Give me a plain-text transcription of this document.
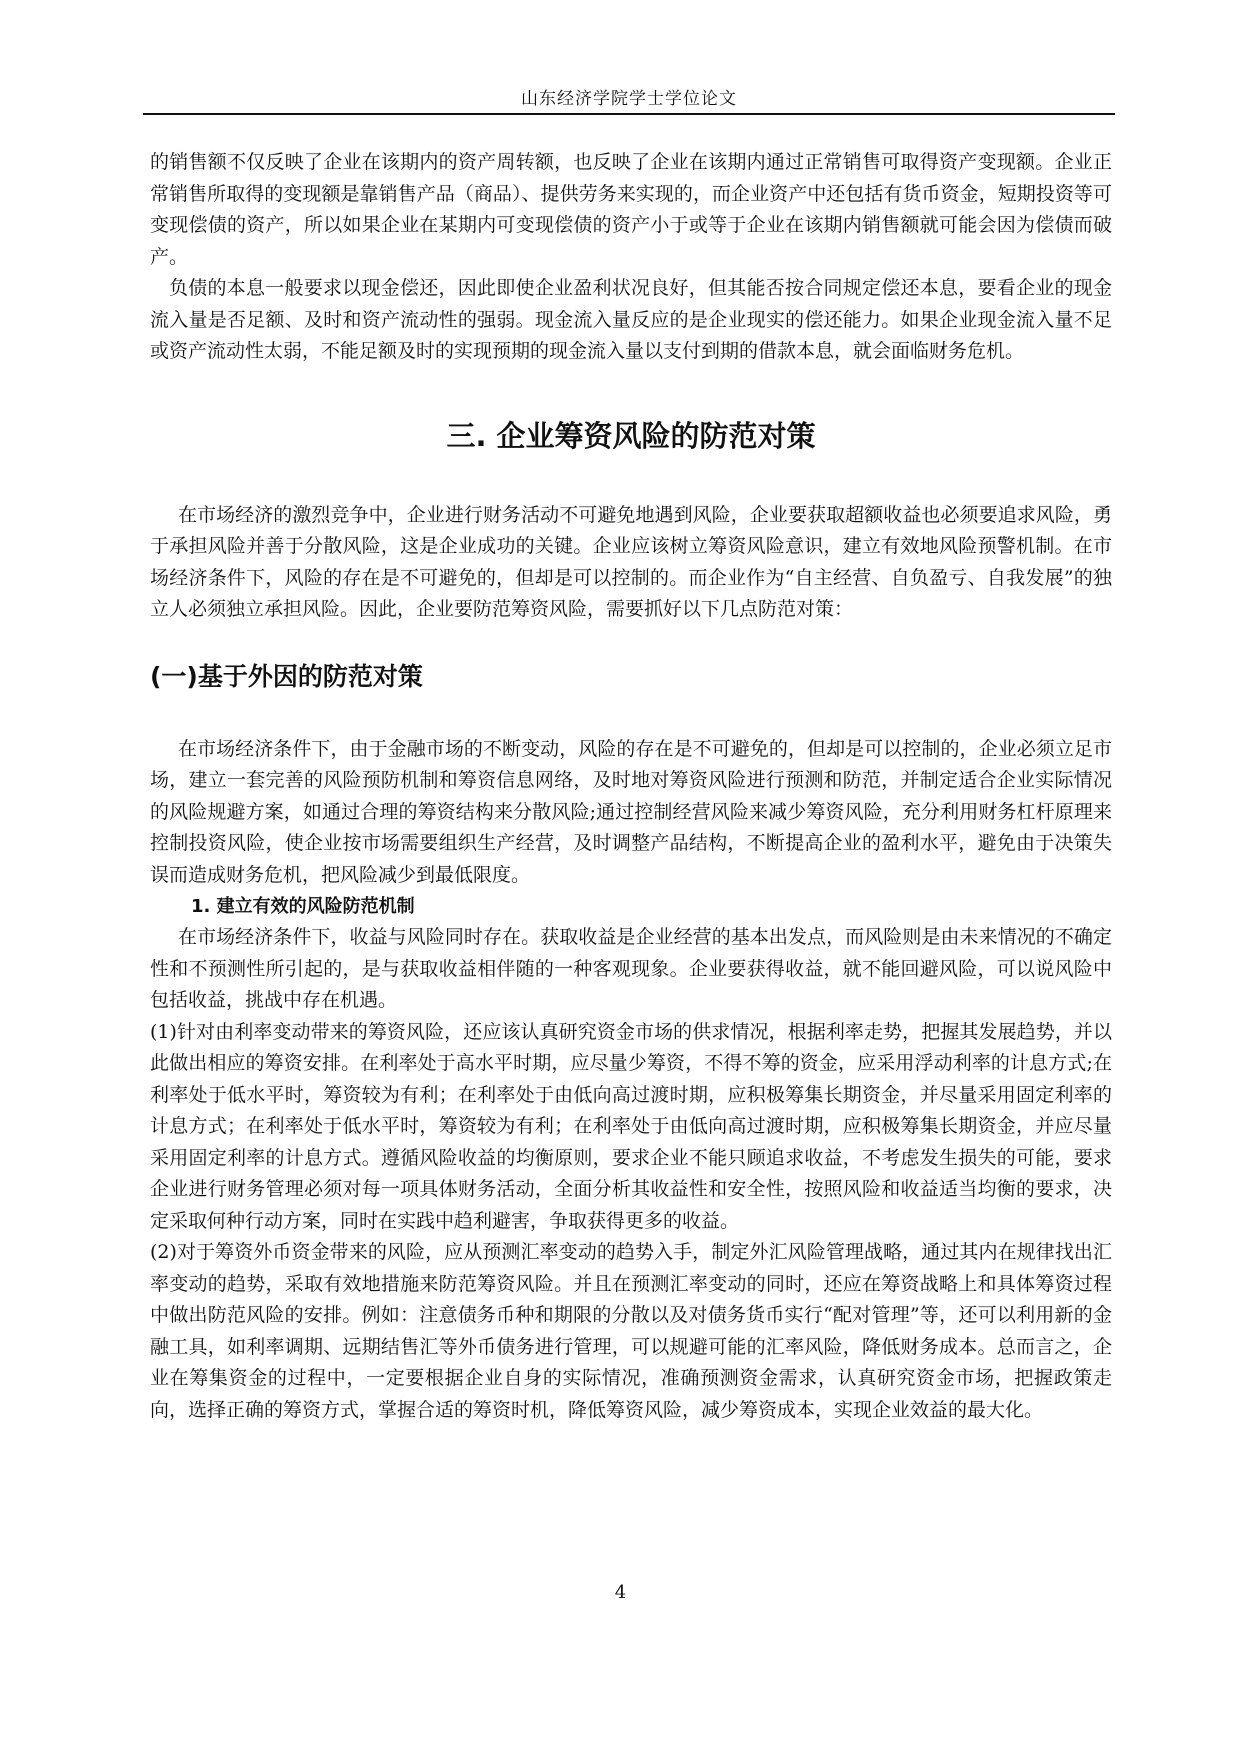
山东经济学院学士学位论文

的销售额不仅反映了企业在该期内的资产周转额，也反映了企业在该期内通过正常销售可取得资产变现额。企业正常销售所取得的变现额是靠销售产品（商品）、提供劳务来实现的，而企业资产中还包括有货币资金，短期投资等可变现偿债的资产，所以如果企业在某期内可变现偿债的资产小于或等于企业在该期内销售额就可能会因为偿债而破产。

负债的本息一般要求以现金偿还，因此即使企业盈利状况良好，但其能否按合同规定偿还本息，要看企业的现金流入量是否足额、及时和资产流动性的强弱。现金流入量反应的是企业现实的偿还能力。如果企业现金流入量不足或资产流动性太弱，不能足额及时的实现预期的现金流入量以支付到期的借款本息，就会面临财务危机。

三. 企业筹资风险的防范对策

在市场经济的激烈竞争中，企业进行财务活动不可避免地遇到风险，企业要获取超额收益也必须要追求风险，勇于承担风险并善于分散风险，这是企业成功的关键。企业应该树立筹资风险意识，建立有效地风险预警机制。在市场经济条件下，风险的存在是不可避免的，但却是可以控制的。而企业作为“自主经营、自负盈亏、自我发展”的独立人必须独立承担风险。因此，企业要防范筹资风险，需要抓好以下几点防范对策：

(一)基于外因的防范对策

在市场经济条件下，由于金融市场的不断变动，风险的存在是不可避免的，但却是可以控制的，企业必须立足市场，建立一套完善的风险预防机制和筹资信息网络，及时地对筹资风险进行预测和防范，并制定适合企业实际情况的风险规避方案，如通过合理的筹资结构来分散风险;通过控制经营风险来减少筹资风险，充分利用财务杠杆原理来控制投资风险，使企业按市场需要组织生产经营，及时调整产品结构，不断提高企业的盈利水平，避免由于决策失误而造成财务危机，把风险减少到最低限度。

1. 建立有效的风险防范机制

在市场经济条件下，收益与风险同时存在。获取收益是企业经营的基本出发点，而风险则是由未来情况的不确定性和不预测性所引起的，是与获取收益相伴随的一种客观现象。企业要获得收益，就不能回避风险，可以说风险中包括收益，挑战中存在机遇。

(1)针对由利率变动带来的筹资风险，还应该认真研究资金市场的供求情况，根据利率走势，把握其发展趋势，并以此做出相应的筹资安排。在利率处于高水平时期，应尽量少筹资，不得不筹的资金，应采用浮动利率的计息方式;在利率处于低水平时，筹资较为有利；在利率处于由低向高过渡时期，应积极筹集长期资金，并尽量采用固定利率的计息方式；在利率处于低水平时，筹资较为有利；在利率处于由低向高过渡时期，应积极筹集长期资金，并应尽量采用固定利率的计息方式。遵循风险收益的均衡原则，要求企业不能只顾追求收益，不考虑发生损失的可能，要求企业进行财务管理必须对每一项具体财务活动，全面分析其收益性和安全性，按照风险和收益适当均衡的要求，决定采取何种行动方案，同时在实践中趋利避害，争取获得更多的收益。

(2)对于筹资外币资金带来的风险，应从预测汇率变动的趋势入手，制定外汇风险管理战略，通过其内在规律找出汇率变动的趋势，采取有效地措施来防范筹资风险。并且在预测汇率变动的同时，还应在筹资战略上和具体筹资过程中做出防范风险的安排。例如：注意债务币种和期限的分散以及对债务货币实行“配对管理”等，还可以利用新的金融工具，如利率调期、远期结售汇等外币债务进行管理，可以规避可能的汇率风险，降低财务成本。总而言之，企业在筹集资金的过程中，一定要根据企业自身的实际情况，准确预测资金需求，认真研究资金市场，把握政策走向，选择正确的筹资方式，掌握合适的筹资时机，降低筹资风险，减少筹资成本，实现企业效益的最大化。

4
